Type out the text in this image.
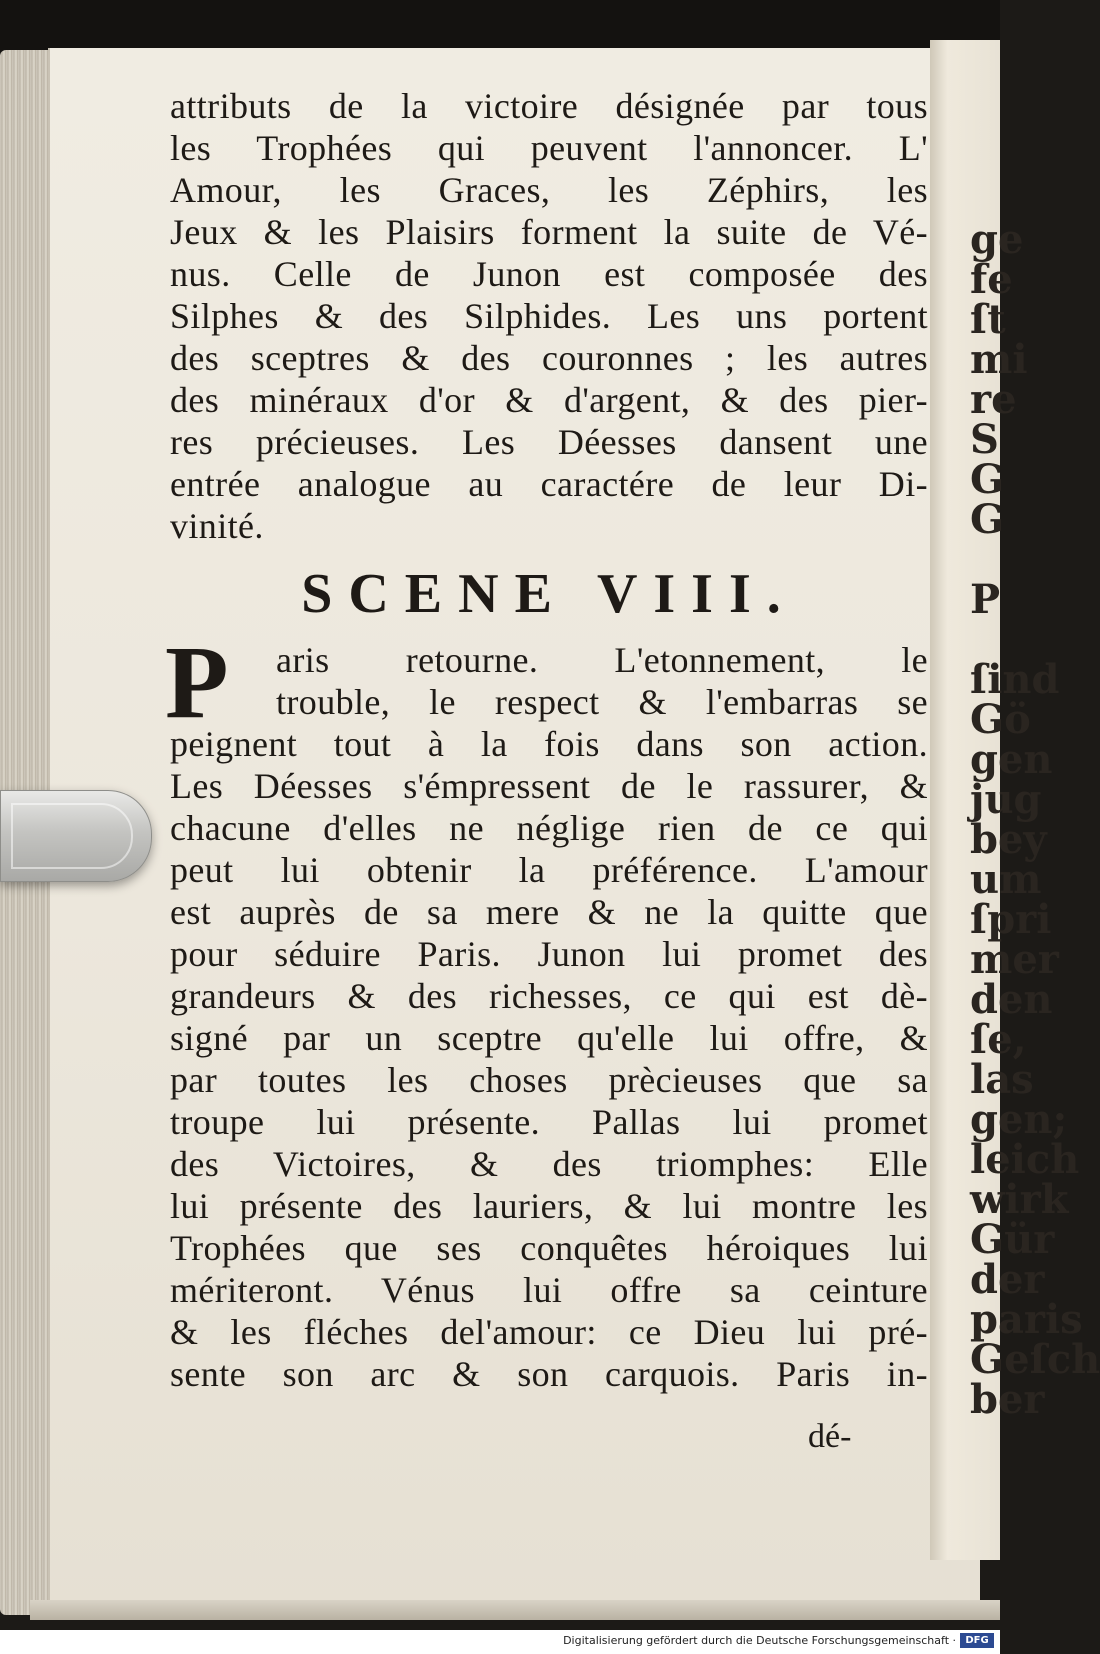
ge
fe
ſt
mi
re
S
G
G

P

ſind
Gö
gen
jug
bey
um
ſpri
mer
den
ſe,
las
gen;
leich
wirk
Gür
der
paris
Geſch
ber
attributs de la victoire désignée par tous
les Trophées qui peuvent l'annoncer. L'
Amour, les Graces, les Zéphirs, les
Jeux & les Plaisirs forment la suite de Vé-
nus. Celle de Junon est composée des
Silphes & des Silphides. Les uns portent
des sceptres & des couronnes ; les autres
des minéraux d'or & d'argent, & des pier-
res précieuses. Les Déesses dansent une
entrée analogue au caractére de leur Di-
vinité.
SCENE VIII.
P	aris retourne. L'etonnement, le
trouble, le respect & l'embarras se
peignent tout à la fois dans son action.
Les Déesses s'émpressent de le rassurer, &
chacune d'elles ne néglige rien de ce qui
peut lui obtenir la préférence. L'amour
est auprès de sa mere & ne la quitte que
pour séduire Paris. Junon lui promet des
grandeurs & des richesses, ce qui est dè-
signé par un sceptre qu'elle lui offre, &
par toutes les choses prècieuses que sa
troupe lui présente. Pallas lui promet
des Victoires, & des triomphes: Elle
lui présente des lauriers, & lui montre les
Trophées que ses conquêtes héroiques lui
mériteront. Vénus lui offre sa ceinture
& les fléches del'amour: ce Dieu lui pré-
sente son arc & son carquois. Paris in-
dé-
Digitalisierung gefördert durch die Deutsche Forschungsgemeinschaft · DFG
